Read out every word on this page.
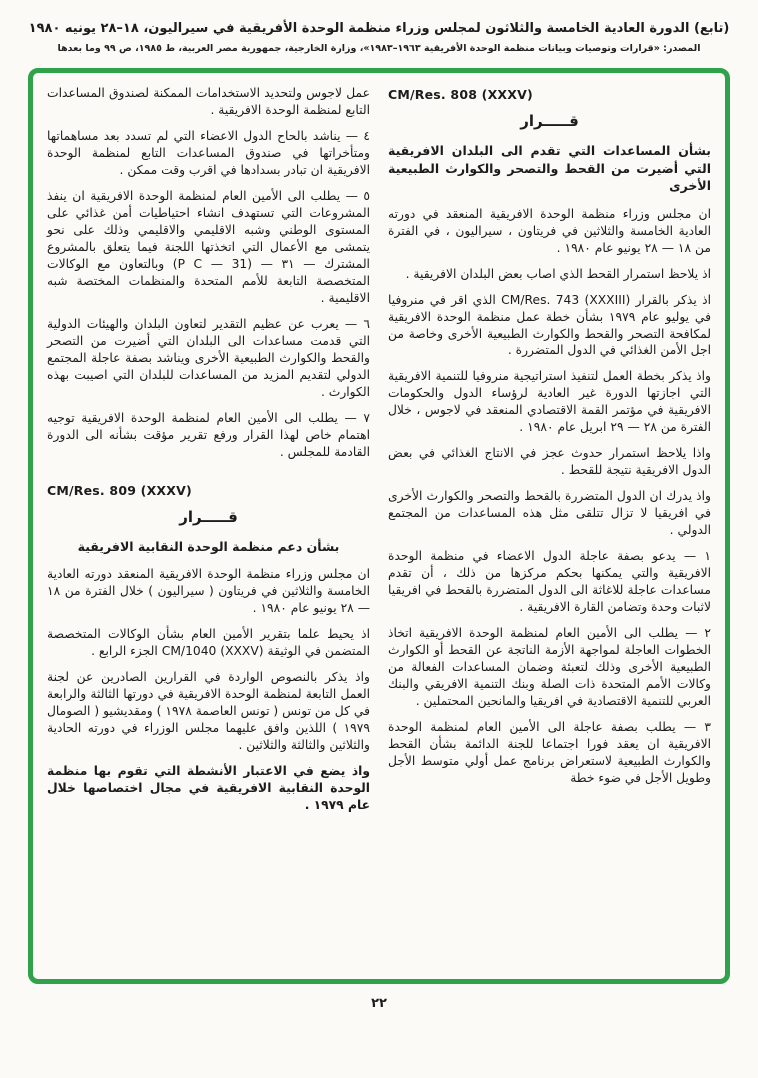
(تابع) الدورة العادية الخامسة والثلاثون لمجلس وزراء منظمة الوحدة الأفريقية في سيراليون، ١٨–٢٨ يونيه ١٩٨٠
المصدر: «قرارات وتوصيات وبيانات منظمة الوحدة الأفريقية ١٩٦٣–١٩٨٣»، وزارة الخارجية، جمهورية مصر العربية، ط ١٩٨٥، ص ٩٩ وما بعدها
CM/Res. 808 (XXXV)
قـــــرار
بشأن المساعدات التي تقدم الى البلدان الافريقية التي أضيرت من القحط والتصحر والكوارث الطبيعية الأخرى
ان مجلس وزراء منظمة الوحدة الافريقية المنعقد في دورته العادية الخامسة والثلاثين في فريتاون ، سيراليون ، في الفترة من ١٨ — ٢٨ يونيو عام ١٩٨٠ .
اذ يلاحظ استمرار القحط الذي اصاب بعض البلدان الافريقية .
اذ يذكر بالقرار ⁦CM/Res. 743 (XXXIII)⁩ الذي اقر في منروفيا في يوليو عام ١٩٧٩ بشأن خطة عمل منظمة الوحدة الافريقية لمكافحة التصحر والقحط والكوارث الطبيعية الأخرى وخاصة من اجل الأمن الغذائي في الدول المتضررة .
واذ يذكر بخطة العمل لتنفيذ استراتيجية منروفيا للتنمية الافريقية التي اجازتها الدورة غير العادية لرؤساء الدول والحكومات الافريقية في مؤتمر القمة الاقتصادي المنعقد في لاجوس ، خلال الفترة من ٢٨ — ٢٩ ابريل عام ١٩٨٠ .
واذا يلاحظ استمرار حدوث عجز في الانتاج الغذائي في بعض الدول الافريقية نتيجة للقحط .
واذ يدرك ان الدول المتضررة بالقحط والتصحر والكوارث الأخرى في افريقيا لا تزال تتلقى مثل هذه المساعدات من المجتمع الدولي .
١ — يدعو بصفة عاجلة الدول الاعضاء في منظمة الوحدة الافريقية والتي يمكنها بحكم مركزها من ذلك ، أن تقدم مساعدات عاجلة للاغاثة الى الدول المتضررة بالقحط في افريقيا لاثبات وحدة وتضامن القارة الافريقية .
٢ — يطلب الى الأمين العام لمنظمة الوحدة الافريقية اتخاذ الخطوات العاجلة لمواجهة الأزمة الناتجة عن القحط أو الكوارث الطبيعية الأخرى وذلك لتعبئة وضمان المساعدات الفعالة من وكالات الأمم المتحدة ذات الصلة وبنك التنمية الافريقي والبنك العربي للتنمية الاقتصادية في افريقيا والمانحين المحتملين .
٣ — يطلب بصفة عاجلة الى الأمين العام لمنظمة الوحدة الافريقية ان يعقد فورا اجتماعا للجنة الدائمة بشأن القحط والكوارث الطبيعية لاستعراض برنامج عمل أولي متوسط الأجل وطويل الأجل في ضوء خطة
عمل لاجوس ولتحديد الاستخدامات الممكنة لصندوق المساعدات التابع لمنظمة الوحدة الافريقية .
٤ — يناشد بالحاح الدول الاعضاء التي لم تسدد بعد مساهماتها ومتأخراتها في صندوق المساعدات التابع لمنظمة الوحدة الافريقية ان تبادر بسدادها في اقرب وقت ممكن .
٥ — يطلب الى الأمين العام لمنظمة الوحدة الافريقية ان ينفذ المشروعات التي تستهدف انشاء احتياطيات أمن غذائي على المستوى الوطني وشبه الاقليمي والاقليمي وذلك على نحو يتمشى مع الأعمال التي اتخذتها اللجنة فيما يتعلق بالمشروع المشترك — ٣١ — ⁦(P C — 31)⁩ وبالتعاون مع الوكالات المتخصصة التابعة للأمم المتحدة والمنظمات المختصة شبه الاقليمية .
٦ — يعرب عن عظيم التقدير لتعاون البلدان والهيئات الدولية التي قدمت مساعدات الى البلدان التي أضيرت من التصحر والقحط والكوارث الطبيعية الأخرى ويناشد بصفة عاجلة المجتمع الدولي لتقديم المزيد من المساعدات للبلدان التي اصيبت بهذه الكوارث .
٧ — يطلب الى الأمين العام لمنظمة الوحدة الافريقية توجيه اهتمام خاص لهذا القرار ورفع تقرير مؤقت بشأنه الى الدورة القادمة للمجلس .
CM/Res. 809 (XXXV)
قـــــرار
بشأن دعم منظمة الوحدة النقابية الافريقية
ان مجلس وزراء منظمة الوحدة الافريقية المنعقد دورته العادية الخامسة والثلاثين في فريتاون ( سيراليون ) خلال الفترة من ١٨ — ٢٨ يونيو عام ١٩٨٠ .
اذ يحيط علما بتقرير الأمين العام بشأن الوكالات المتخصصة المتضمن في الوثيقة ⁦CM/1040 (XXXV)⁩ الجزء الرابع .
واذ يذكر بالنصوص الواردة في القرارين الصادرين عن لجنة العمل التابعة لمنظمة الوحدة الافريقية في دورتها الثالثة والرابعة في كل من تونس ( تونس العاصمة ١٩٧٨ ) ومقديشيو ( الصومال ١٩٧٩ ) اللذين وافق عليهما مجلس الوزراء في دورته الحادية والثلاثين والثالثة والثلاثين .
واذ يضع في الاعتبار الأنشطة التي تقوم بها منظمة الوحدة النقابية الافريقية في مجال اختصاصها خلال عام ١٩٧٩ .
٢٢
